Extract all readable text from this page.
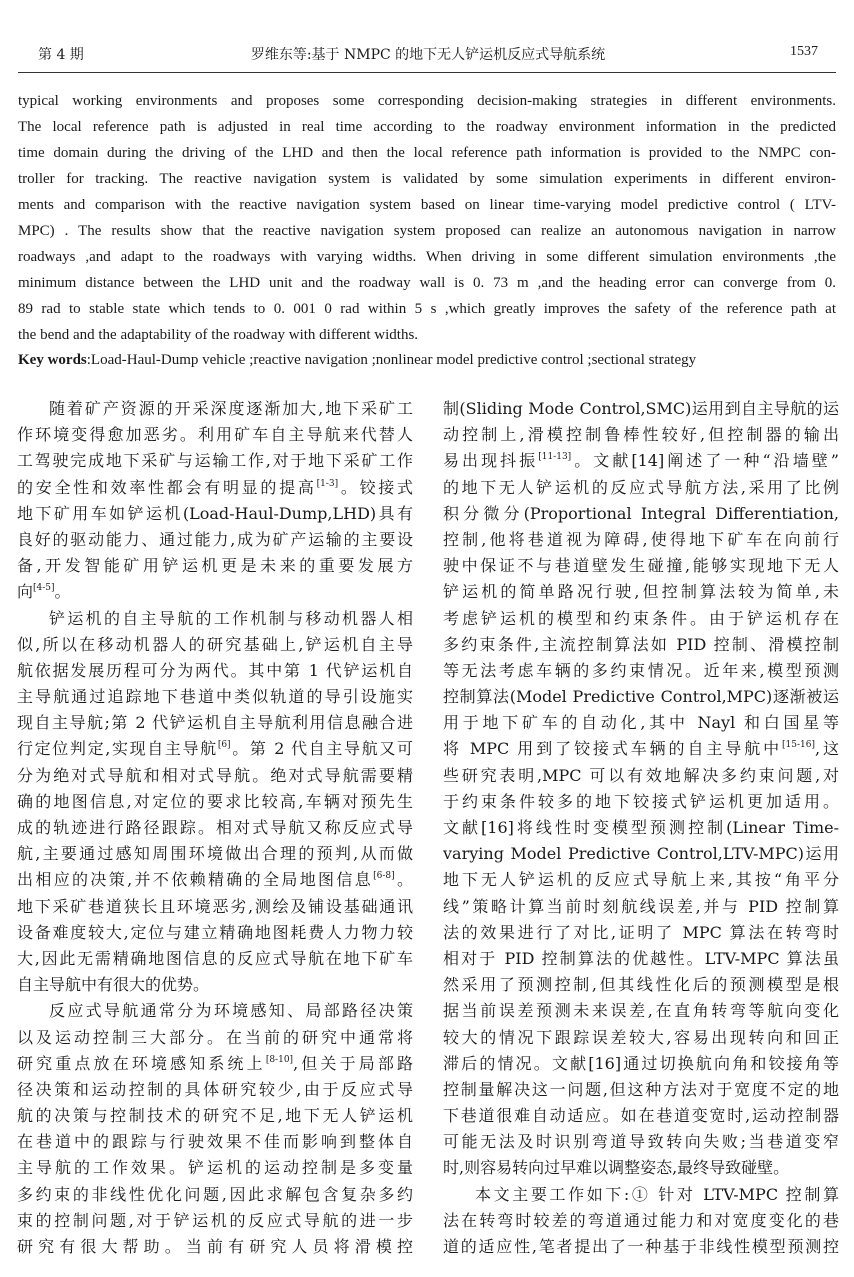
第 4 期	罗维东等:基于 NMPC 的地下无人铲运机反应式导航系统	1537
typical working environments and proposes some corresponding decision-making strategies in different environments.
The local reference path is adjusted in real time according to the roadway environment information in the predicted
time domain during the driving of the LHD and then the local reference path information is provided to the NMPC con-
troller for tracking. The reactive navigation system is validated by some simulation experiments in different environ-
ments and comparison with the reactive navigation system based on linear time-varying model predictive control ( LTV-
MPC) . The results show that the reactive navigation system proposed can realize an autonomous navigation in narrow
roadways ,and adapt to the roadways with varying widths. When driving in some different simulation environments ,the
minimum distance between the LHD unit and the roadway wall is 0. 73 m ,and the heading error can converge from 0.
89 rad to stable state which tends to 0. 001 0 rad within 5 s ,which greatly improves the safety of the reference path at
the bend and the adaptability of the roadway with different widths.
Key words:Load-Haul-Dump vehicle ;reactive navigation ;nonlinear model predictive control ;sectional strategy
随着矿产资源的开采深度逐渐加大,地下采矿工
作环境变得愈加恶劣。利用矿车自主导航来代替人
工驾驶完成地下采矿与运输工作,对于地下采矿工作
的安全性和效率性都会有明显的提高[1-3]。铰接式
地下矿用车如铲运机(Load-Haul-Dump,LHD)具有
良好的驱动能力、通过能力,成为矿产运输的主要设
备,开发智能矿用铲运机更是未来的重要发展方
向[4-5]。
铲运机的自主导航的工作机制与移动机器人相
似,所以在移动机器人的研究基础上,铲运机自主导
航依据发展历程可分为两代。其中第 1 代铲运机自
主导航通过追踪地下巷道中类似轨道的导引设施实
现自主导航;第 2 代铲运机自主导航利用信息融合进
行定位判定,实现自主导航[6]。第 2 代自主导航又可
分为绝对式导航和相对式导航。绝对式导航需要精
确的地图信息,对定位的要求比较高,车辆对预先生
成的轨迹进行路径跟踪。相对式导航又称反应式导
航,主要通过感知周围环境做出合理的预判,从而做
出相应的决策,并不依赖精确的全局地图信息[6-8]。
地下采矿巷道狭长且环境恶劣,测绘及铺设基础通讯
设备难度较大,定位与建立精确地图耗费人力物力较
大,因此无需精确地图信息的反应式导航在地下矿车
自主导航中有很大的优势。
反应式导航通常分为环境感知、局部路径决策
以及运动控制三大部分。在当前的研究中通常将
研究重点放在环境感知系统上[8-10],但关于局部路
径决策和运动控制的具体研究较少,由于反应式导
航的决策与控制技术的研究不足,地下无人铲运机
在巷道中的跟踪与行驶效果不佳而影响到整体自
主导航的工作效果。铲运机的运动控制是多变量
多约束的非线性优化问题,因此求解包含复杂多约
束的控制问题,对于铲运机的反应式导航的进一步
研究有很大帮助。当前有研究人员将滑模控
制(Sliding Mode Control,SMC)运用到自主导航的运
动控制上,滑模控制鲁棒性较好,但控制器的输出
易出现抖振[11-13]。文献[14]阐述了一种“沿墙壁”
的地下无人铲运机的反应式导航方法,采用了比例
积分微分(Proportional Integral Differentiation,
控制,他将巷道视为障碍,使得地下矿车在向前行
驶中保证不与巷道壁发生碰撞,能够实现地下无人
铲运机的简单路况行驶,但控制算法较为简单,未
考虑铲运机的模型和约束条件。由于铲运机存在
多约束条件,主流控制算法如 PID 控制、滑模控制
等无法考虑车辆的多约束情况。近年来,模型预测
控制算法(Model Predictive Control,MPC)逐渐被运
用于地下矿车的自动化,其中 Nayl 和白国星等
将 MPC 用到了铰接式车辆的自主导航中[15-16],这
些研究表明,MPC 可以有效地解决多约束问题,对
于约束条件较多的地下铰接式铲运机更加适用。
文献[16]将线性时变模型预测控制(Linear Time-
varying Model Predictive Control,LTV-MPC)运用
地下无人铲运机的反应式导航上来,其按“角平分
线”策略计算当前时刻航线误差,并与 PID 控制算
法的效果进行了对比,证明了 MPC 算法在转弯时
相对于 PID 控制算法的优越性。LTV-MPC 算法虽
然采用了预测控制,但其线性化后的预测模型是根
据当前误差预测未来误差,在直角转弯等航向变化
较大的情况下跟踪误差较大,容易出现转向和回正
滞后的情况。文献[16]通过切换航向角和铰接角等
控制量解决这一问题,但这种方法对于宽度不定的地
下巷道很难自动适应。如在巷道变宽时,运动控制器
可能无法及时识别弯道导致转向失败;当巷道变窄
时,则容易转向过早难以调整姿态,最终导致碰壁。
本文主要工作如下:① 针对 LTV-MPC 控制算
法在转弯时较差的弯道通过能力和对宽度变化的巷
道的适应性,笔者提出了一种基于非线性模型预测控
